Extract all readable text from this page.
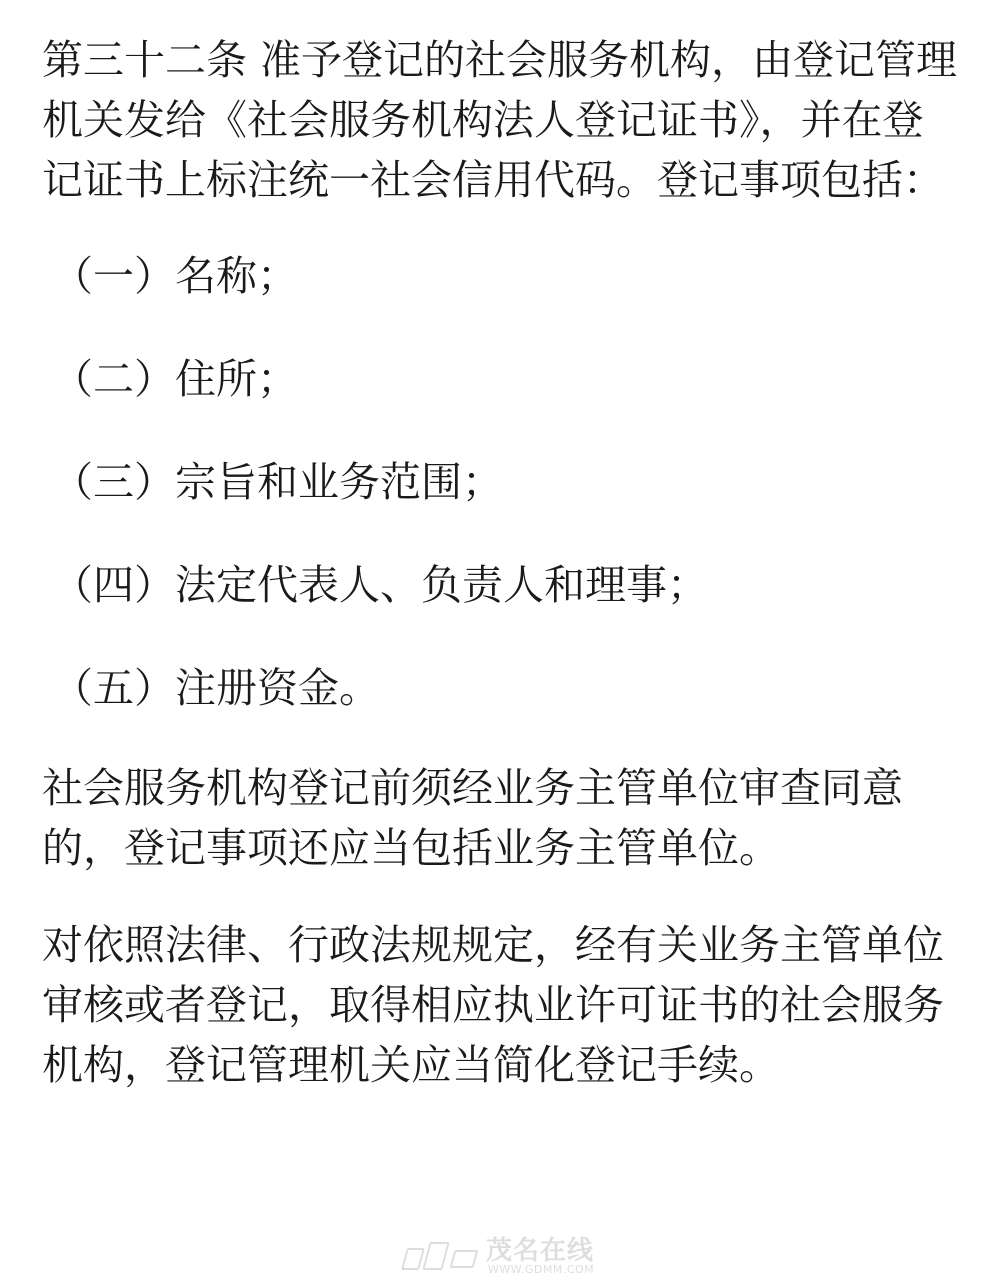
第三十二条 准予登记的社会服务机构，由登记管理机关发给《社会服务机构法人登记证书》，并在登记证书上标注统一社会信用代码。登记事项包括：

（一）名称；
（二）住所；
（三）宗旨和业务范围；
（四）法定代表人、负责人和理事；
（五）注册资金。

社会服务机构登记前须经业务主管单位审查同意的，登记事项还应当包括业务主管单位。

对依照法律、行政法规规定，经有关业务主管单位审核或者登记，取得相应执业许可证书的社会服务机构，登记管理机关应当简化登记手续。

茂名在线
WWW.GDMM.COM
